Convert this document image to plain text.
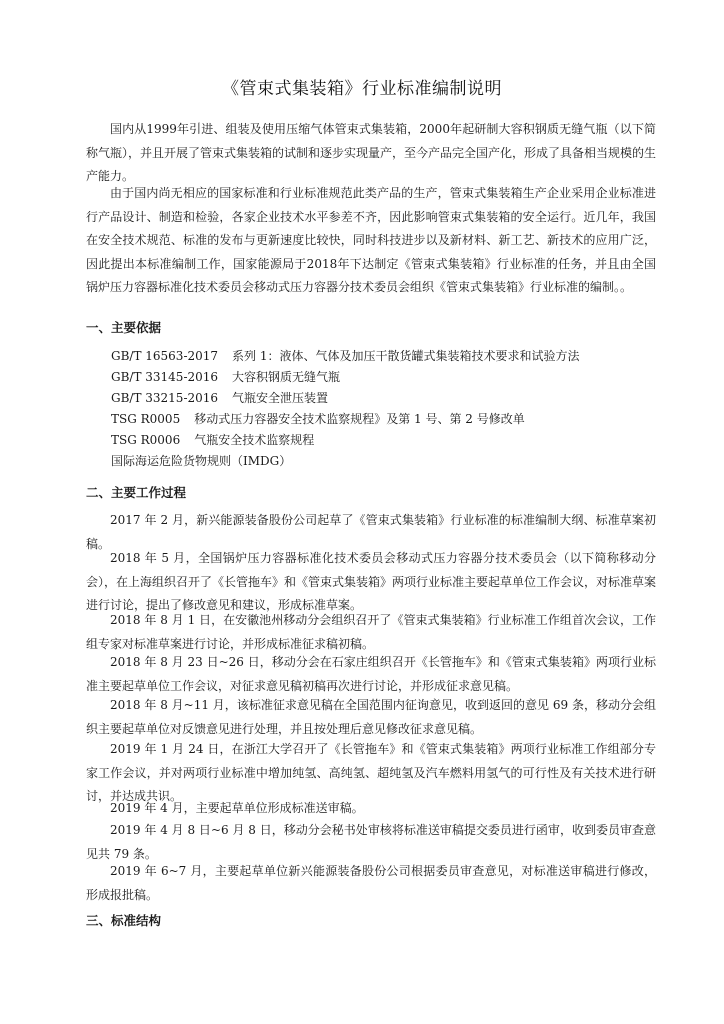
《管束式集装箱》行业标准编制说明

国内从1999年引进、组装及使用压缩气体管束式集装箱，2000年起研制大容积钢质无缝气瓶（以下简称气瓶），并且开展了管束式集装箱的试制和逐步实现量产，至今产品完全国产化，形成了具备相当规模的生产能力。

由于国内尚无相应的国家标准和行业标准规范此类产品的生产，管束式集装箱生产企业采用企业标准进行产品设计、制造和检验，各家企业技术水平参差不齐，因此影响管束式集装箱的安全运行。近几年，我国在安全技术规范、标准的发布与更新速度比较快，同时科技进步以及新材料、新工艺、新技术的应用广泛，因此提出本标准编制工作，国家能源局于2018年下达制定《管束式集装箱》行业标准的任务，并且由全国锅炉压力容器标准化技术委员会移动式压力容器分技术委员会组织《管束式集装箱》行业标准的编制。。

一、主要依据
GB/T 16563-2017 系列 1：液体、气体及加压干散货罐式集装箱技术要求和试验方法
GB/T 33145-2016 大容积钢质无缝气瓶
GB/T 33215-2016 气瓶安全泄压装置
TSG R0005 移动式压力容器安全技术监察规程》及第 1 号、第 2 号修改单
TSG R0006 气瓶安全技术监察规程
国际海运危险货物规则（IMDG）
二、主要工作过程

2017 年 2 月，新兴能源装备股份公司起草了《管束式集装箱》行业标准的标准编制大纲、标准草案初稿。

2018 年 5 月，全国锅炉压力容器标准化技术委员会移动式压力容器分技术委员会（以下简称移动分会），在上海组织召开了《长管拖车》和《管束式集装箱》两项行业标准主要起草单位工作会议，对标准草案进行讨论，提出了修改意见和建议，形成标准草案。

2018 年 8 月 1 日，在安徽池州移动分会组织召开了《管束式集装箱》行业标准工作组首次会议，工作组专家对标准草案进行讨论，并形成标准征求稿初稿。

2018 年 8 月 23 日~26 日，移动分会在石家庄组织召开《长管拖车》和《管束式集装箱》两项行业标准主要起草单位工作会议，对征求意见稿初稿再次进行讨论，并形成征求意见稿。

2018 年 8 月~11 月，该标准征求意见稿在全国范围内征询意见，收到返回的意见 69 条，移动分会组织主要起草单位对反馈意见进行处理，并且按处理后意见修改征求意见稿。

2019 年 1 月 24 日，在浙江大学召开了《长管拖车》和《管束式集装箱》两项行业标准工作组部分专家工作会议，并对两项行业标准中增加纯氢、高纯氢、超纯氢及汽车燃料用氢气的可行性及有关技术进行研讨，并达成共识。

2019 年 4 月，主要起草单位形成标准送审稿。

2019 年 4 月 8 日~6 月 8 日，移动分会秘书处审核将标准送审稿提交委员进行函审，收到委员审查意见共 79 条。

2019 年 6~7 月，主要起草单位新兴能源装备股份公司根据委员审查意见，对标准送审稿进行修改，形成报批稿。

三、标准结构
